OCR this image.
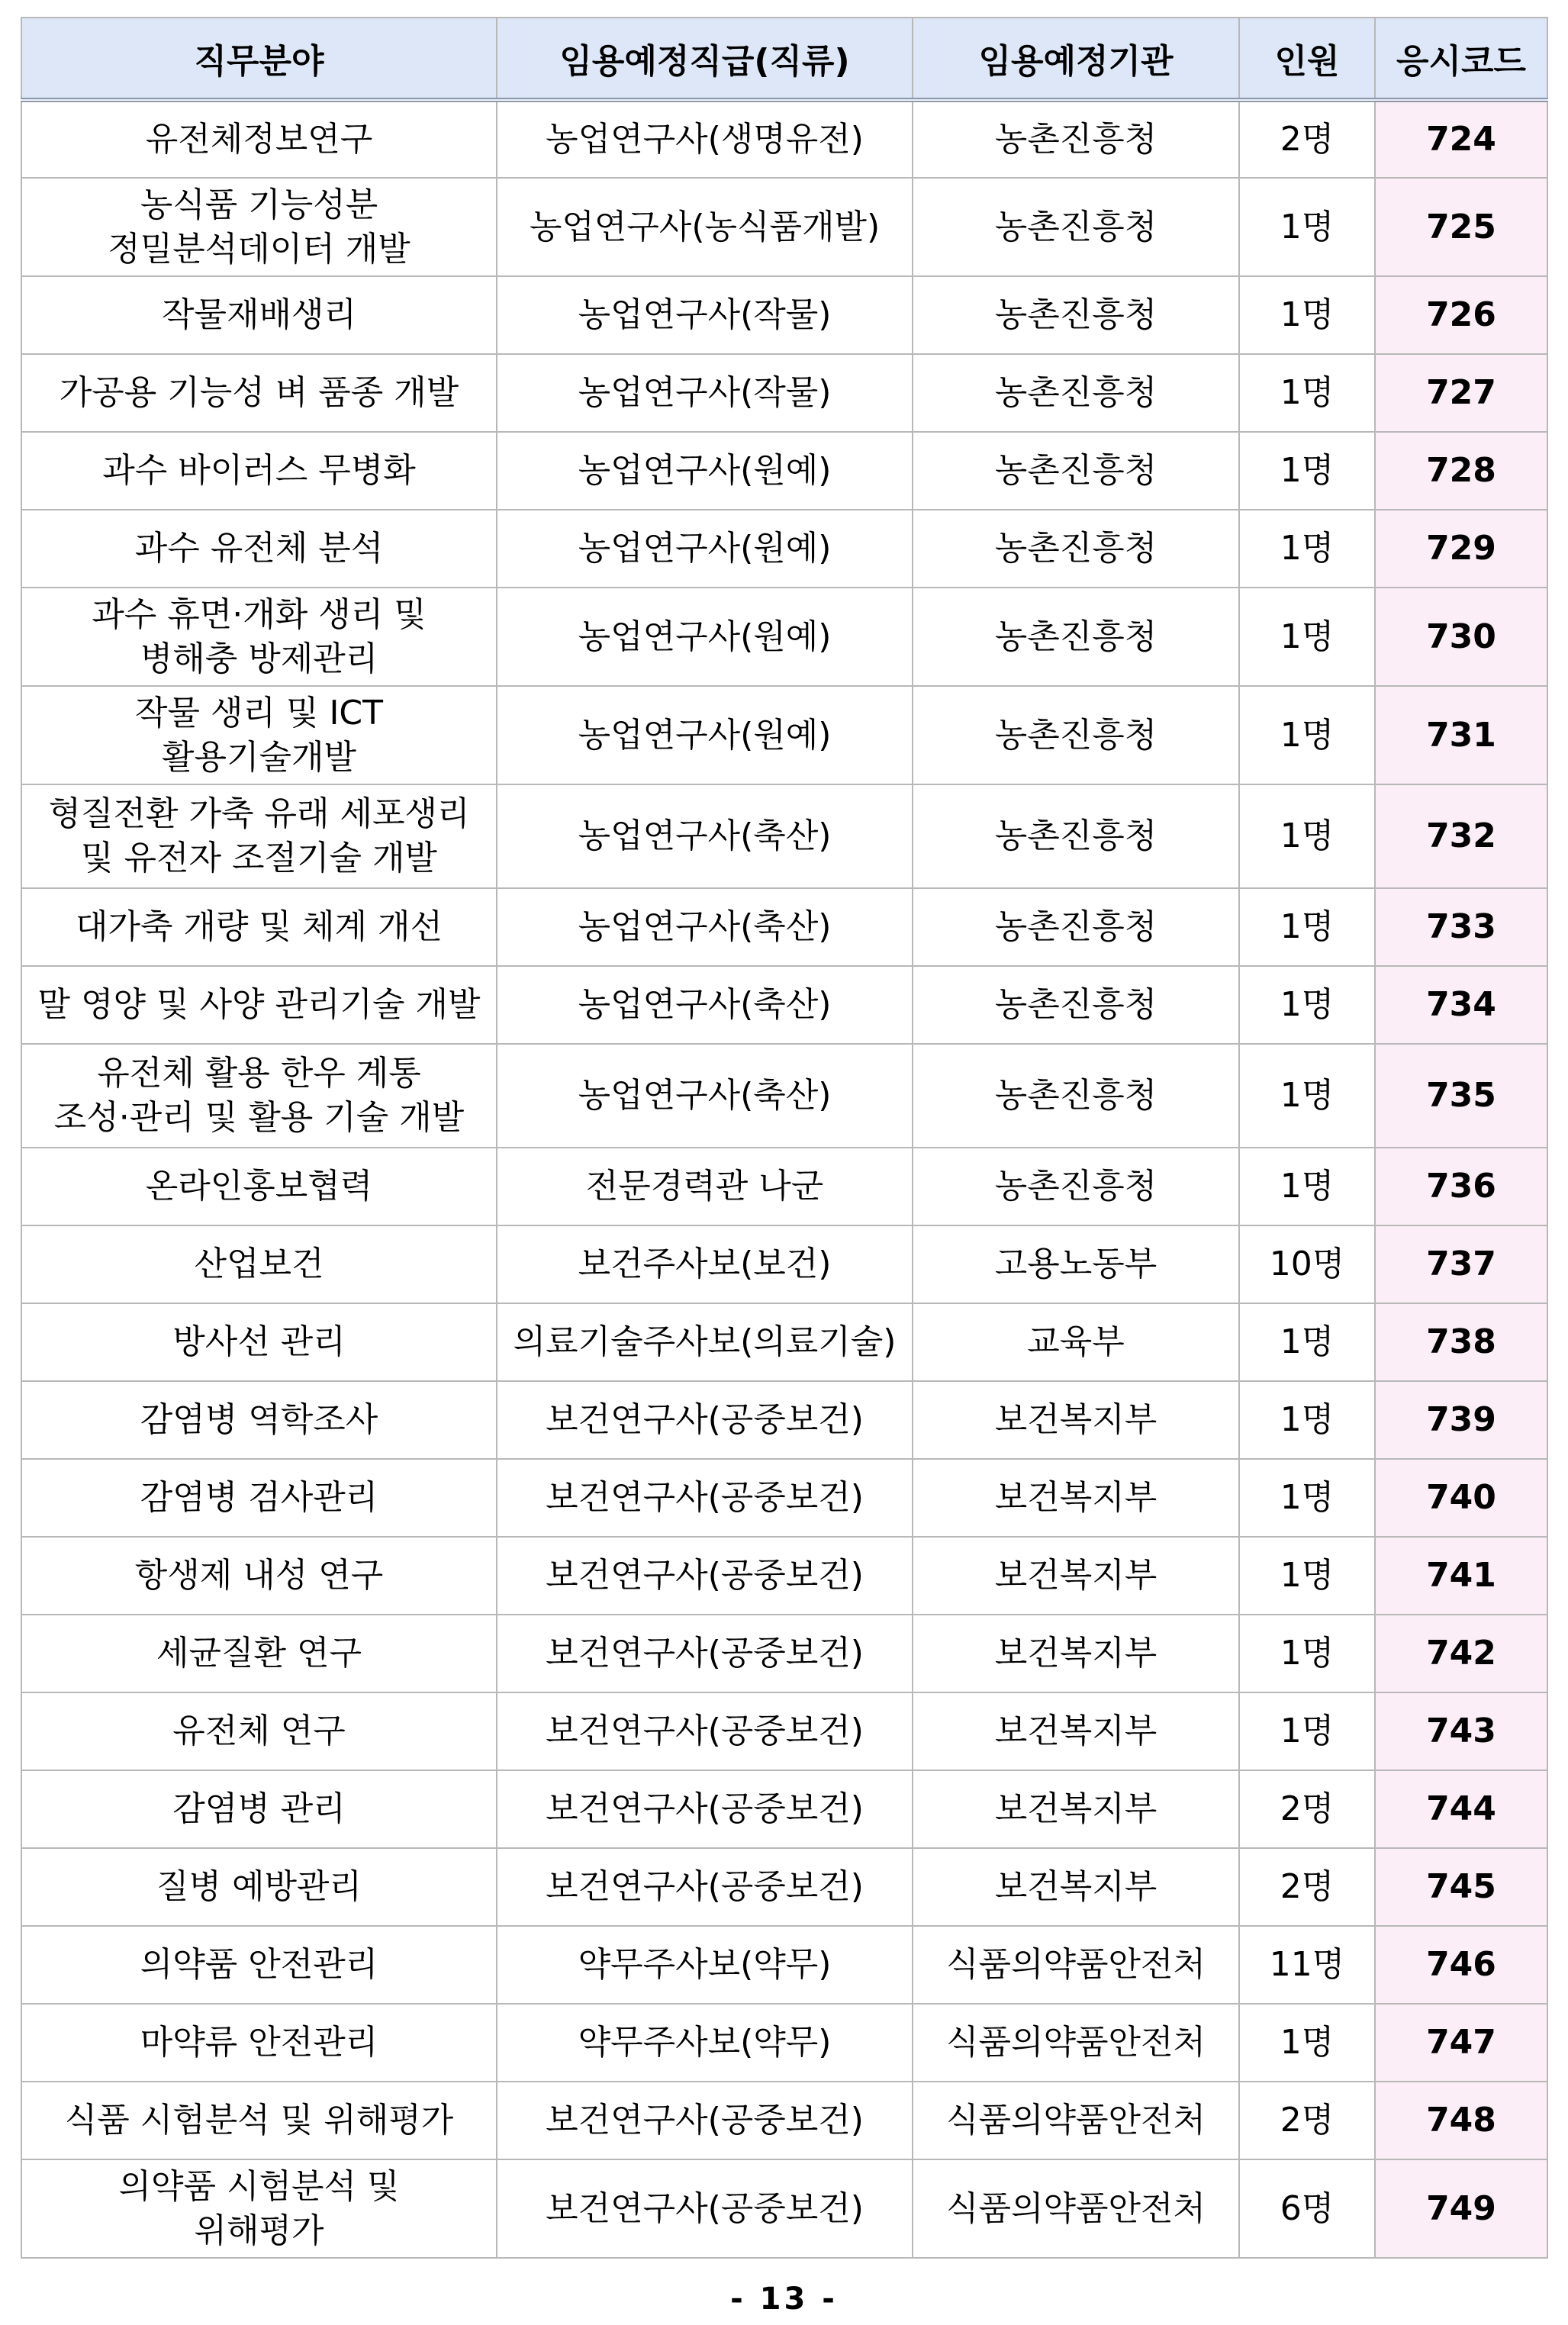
직무분야	임용예정직급(직류)	임용예정기관	인원	응시코드
유전체정보연구	농업연구사(생명유전)	농촌진흥청	2명	724
농식품 기능성분
정밀분석데이터 개발	농업연구사(농식품개발)	농촌진흥청	1명	725
작물재배생리	농업연구사(작물)	농촌진흥청	1명	726
가공용 기능성 벼 품종 개발	농업연구사(작물)	농촌진흥청	1명	727
과수 바이러스 무병화	농업연구사(원예)	농촌진흥청	1명	728
과수 유전체 분석	농업연구사(원예)	농촌진흥청	1명	729
과수 휴면·개화 생리 및
병해충 방제관리	농업연구사(원예)	농촌진흥청	1명	730
작물 생리 및 ICT
활용기술개발	농업연구사(원예)	농촌진흥청	1명	731
형질전환 가축 유래 세포생리
및 유전자 조절기술 개발	농업연구사(축산)	농촌진흥청	1명	732
대가축 개량 및 체계 개선	농업연구사(축산)	농촌진흥청	1명	733
말 영양 및 사양 관리기술 개발	농업연구사(축산)	농촌진흥청	1명	734
유전체 활용 한우 계통
조성·관리 및 활용 기술 개발	농업연구사(축산)	농촌진흥청	1명	735
온라인홍보협력	전문경력관 나군	농촌진흥청	1명	736
산업보건	보건주사보(보건)	고용노동부	10명	737
방사선 관리	의료기술주사보(의료기술)	교육부	1명	738
감염병 역학조사	보건연구사(공중보건)	보건복지부	1명	739
감염병 검사관리	보건연구사(공중보건)	보건복지부	1명	740
항생제 내성 연구	보건연구사(공중보건)	보건복지부	1명	741
세균질환 연구	보건연구사(공중보건)	보건복지부	1명	742
유전체 연구	보건연구사(공중보건)	보건복지부	1명	743
감염병 관리	보건연구사(공중보건)	보건복지부	2명	744
질병 예방관리	보건연구사(공중보건)	보건복지부	2명	745
의약품 안전관리	약무주사보(약무)	식품의약품안전처	11명	746
마약류 안전관리	약무주사보(약무)	식품의약품안전처	1명	747
식품 시험분석 및 위해평가	보건연구사(공중보건)	식품의약품안전처	2명	748
의약품 시험분석 및
위해평가	보건연구사(공중보건)	식품의약품안전처	6명	749
- 13 -
